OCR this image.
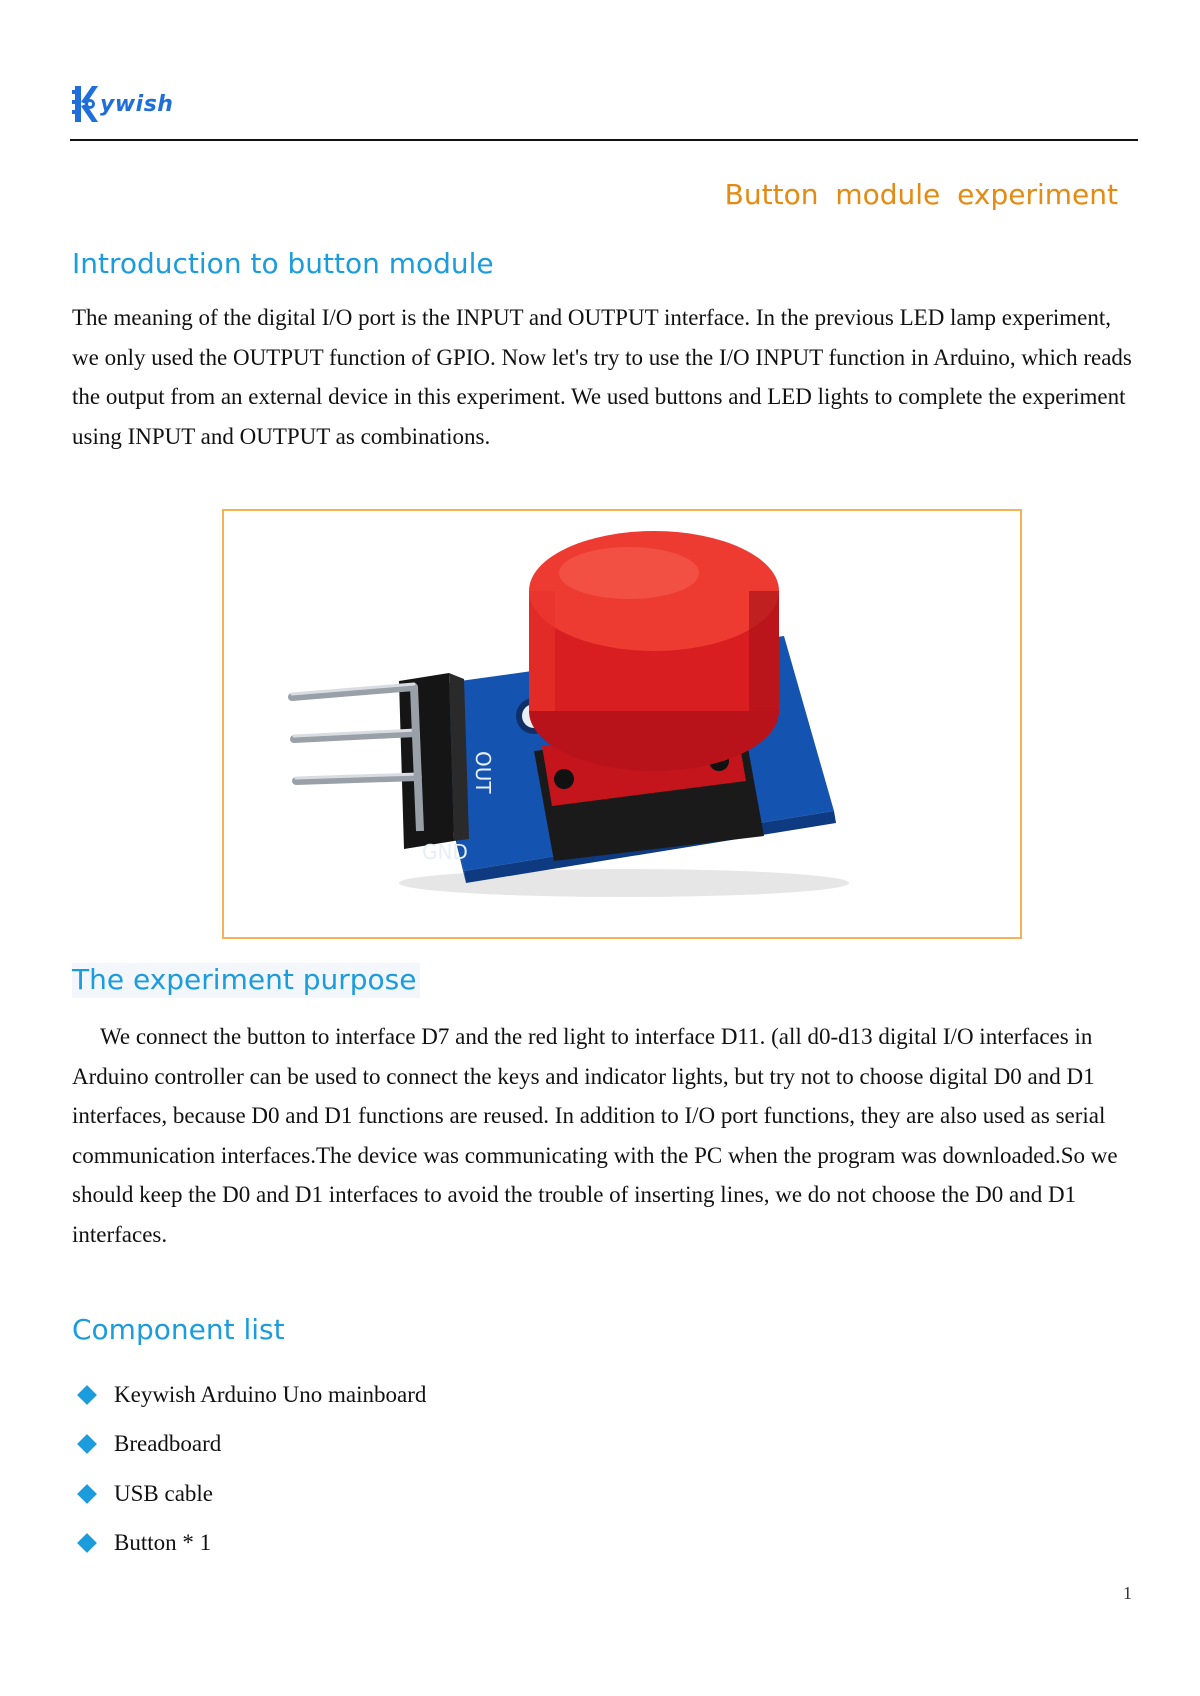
ywish
Button module experiment
Introduction to button module

The meaning of the digital I/O port is the INPUT and OUTPUT interface. In the previous LED lamp experiment, we only used the OUTPUT function of GPIO. Now let's try to use the I/O INPUT function in Arduino, which reads the output from an external device in this experiment. We used buttons and LED lights to complete the experiment using INPUT and OUTPUT as combinations.

OUT
GND
The experiment purpose

We connect the button to interface D7 and the red light to interface D11. (all d0-d13 digital I/O interfaces in Arduino controller can be used to connect the keys and indicator lights, but try not to choose digital D0 and D1 interfaces, because D0 and D1 functions are reused. In addition to I/O port functions, they are also used as serial communication interfaces.The device was communicating with the PC when the program was downloaded.So we should keep the D0 and D1 interfaces to avoid the trouble of inserting lines, we do not choose the D0 and D1 interfaces.

Component list
Keywish Arduino Uno mainboard
Breadboard
USB cable
Button * 1
1
